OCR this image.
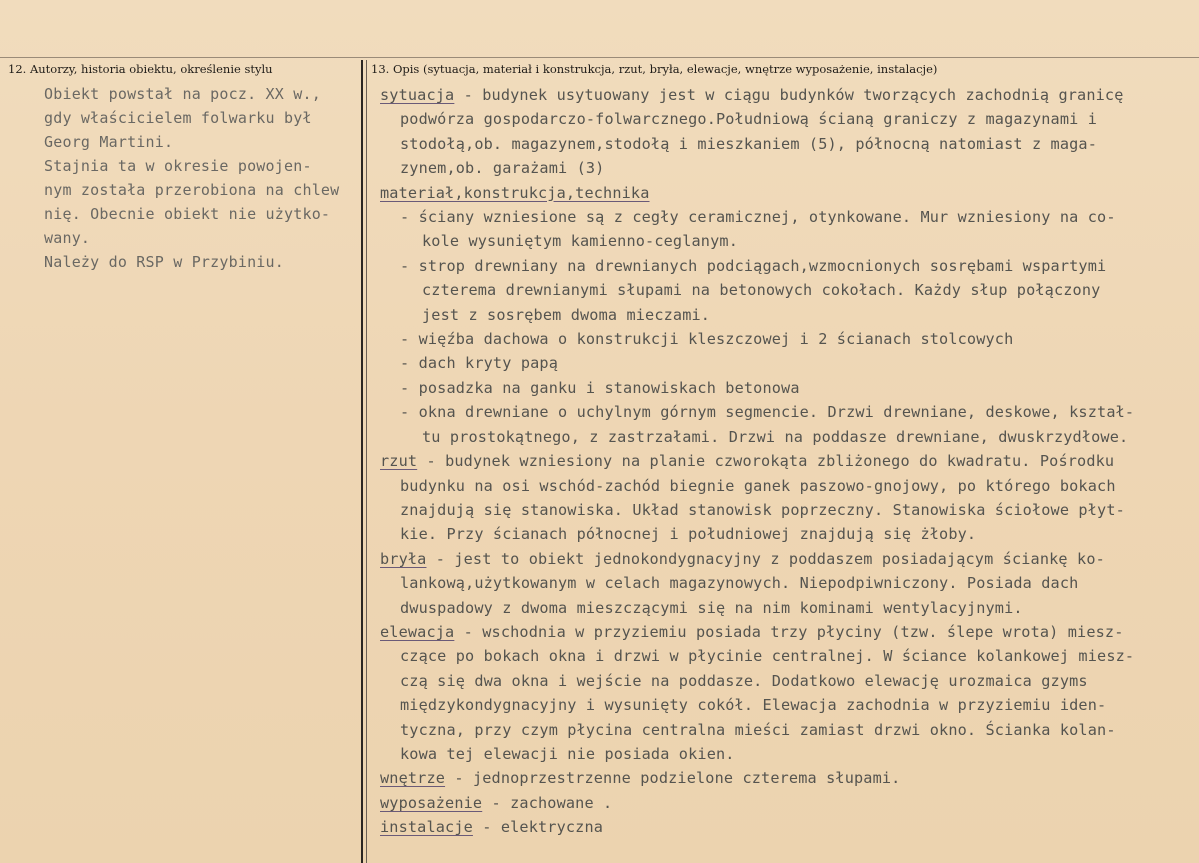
12. Autorzy, historia obiektu, określenie stylu	13. Opis (sytuacja, materiał i konstrukcja, rzut, bryła, elewacje, wnętrze wyposażenie, instalacje)
Obiekt powstał na pocz. XX w.,
gdy właścicielem folwarku był
Georg Martini.
Stajnia ta w okresie powojen-
nym została przerobiona na chlew
nię. Obecnie obiekt nie użytko-
wany.
Należy do RSP w Przybiniu.
sytuacja - budynek usytuowany jest w ciągu budynków tworzących zachodnią granicę
podwórza gospodarczo-folwarcznego.Południową ścianą graniczy z magazynami i
stodołą,ob. magazynem,stodołą i mieszkaniem (5), północną natomiast z maga-
zynem,ob. garażami (3)
materiał,konstrukcja,technika
- ściany wzniesione są z cegły ceramicznej, otynkowane. Mur wzniesiony na co-
kole wysuniętym kamienno-ceglanym.
- strop drewniany na drewnianych podciągach,wzmocnionych sosrębami wspartymi
czterema drewnianymi słupami na betonowych cokołach. Każdy słup połączony
jest z sosrębem dwoma mieczami.
- więźba dachowa o konstrukcji kleszczowej i 2 ścianach stolcowych
- dach kryty papą
- posadzka na ganku i stanowiskach betonowa
- okna drewniane o uchylnym górnym segmencie. Drzwi drewniane, deskowe, kształ-
tu prostokątnego, z zastrzałami. Drzwi na poddasze drewniane, dwuskrzydłowe.
rzut - budynek wzniesiony na planie czworokąta zbliżonego do kwadratu. Pośrodku
budynku na osi wschód-zachód biegnie ganek paszowo-gnojowy, po którego bokach
znajdują się stanowiska. Układ stanowisk poprzeczny. Stanowiska ściołowe płyt-
kie. Przy ścianach północnej i południowej znajdują się żłoby.
bryła - jest to obiekt jednokondygnacyjny z poddaszem posiadającym ściankę ko-
lankową,użytkowanym w celach magazynowych. Niepodpiwniczony. Posiada dach
dwuspadowy z dwoma mieszczącymi się na nim kominami wentylacyjnymi.
elewacja - wschodnia w przyziemiu posiada trzy płyciny (tzw. ślepe wrota) miesz-
czące po bokach okna i drzwi w płycinie centralnej. W ściance kolankowej miesz-
czą się dwa okna i wejście na poddasze. Dodatkowo elewację urozmaica gzyms
międzykondygnacyjny i wysunięty cokół. Elewacja zachodnia w przyziemiu iden-
tyczna, przy czym płycina centralna mieści zamiast drzwi okno. Ścianka kolan-
kowa tej elewacji nie posiada okien.
wnętrze - jednoprzestrzenne podzielone czterema słupami.
wyposażenie - zachowane .
instalacje - elektryczna
